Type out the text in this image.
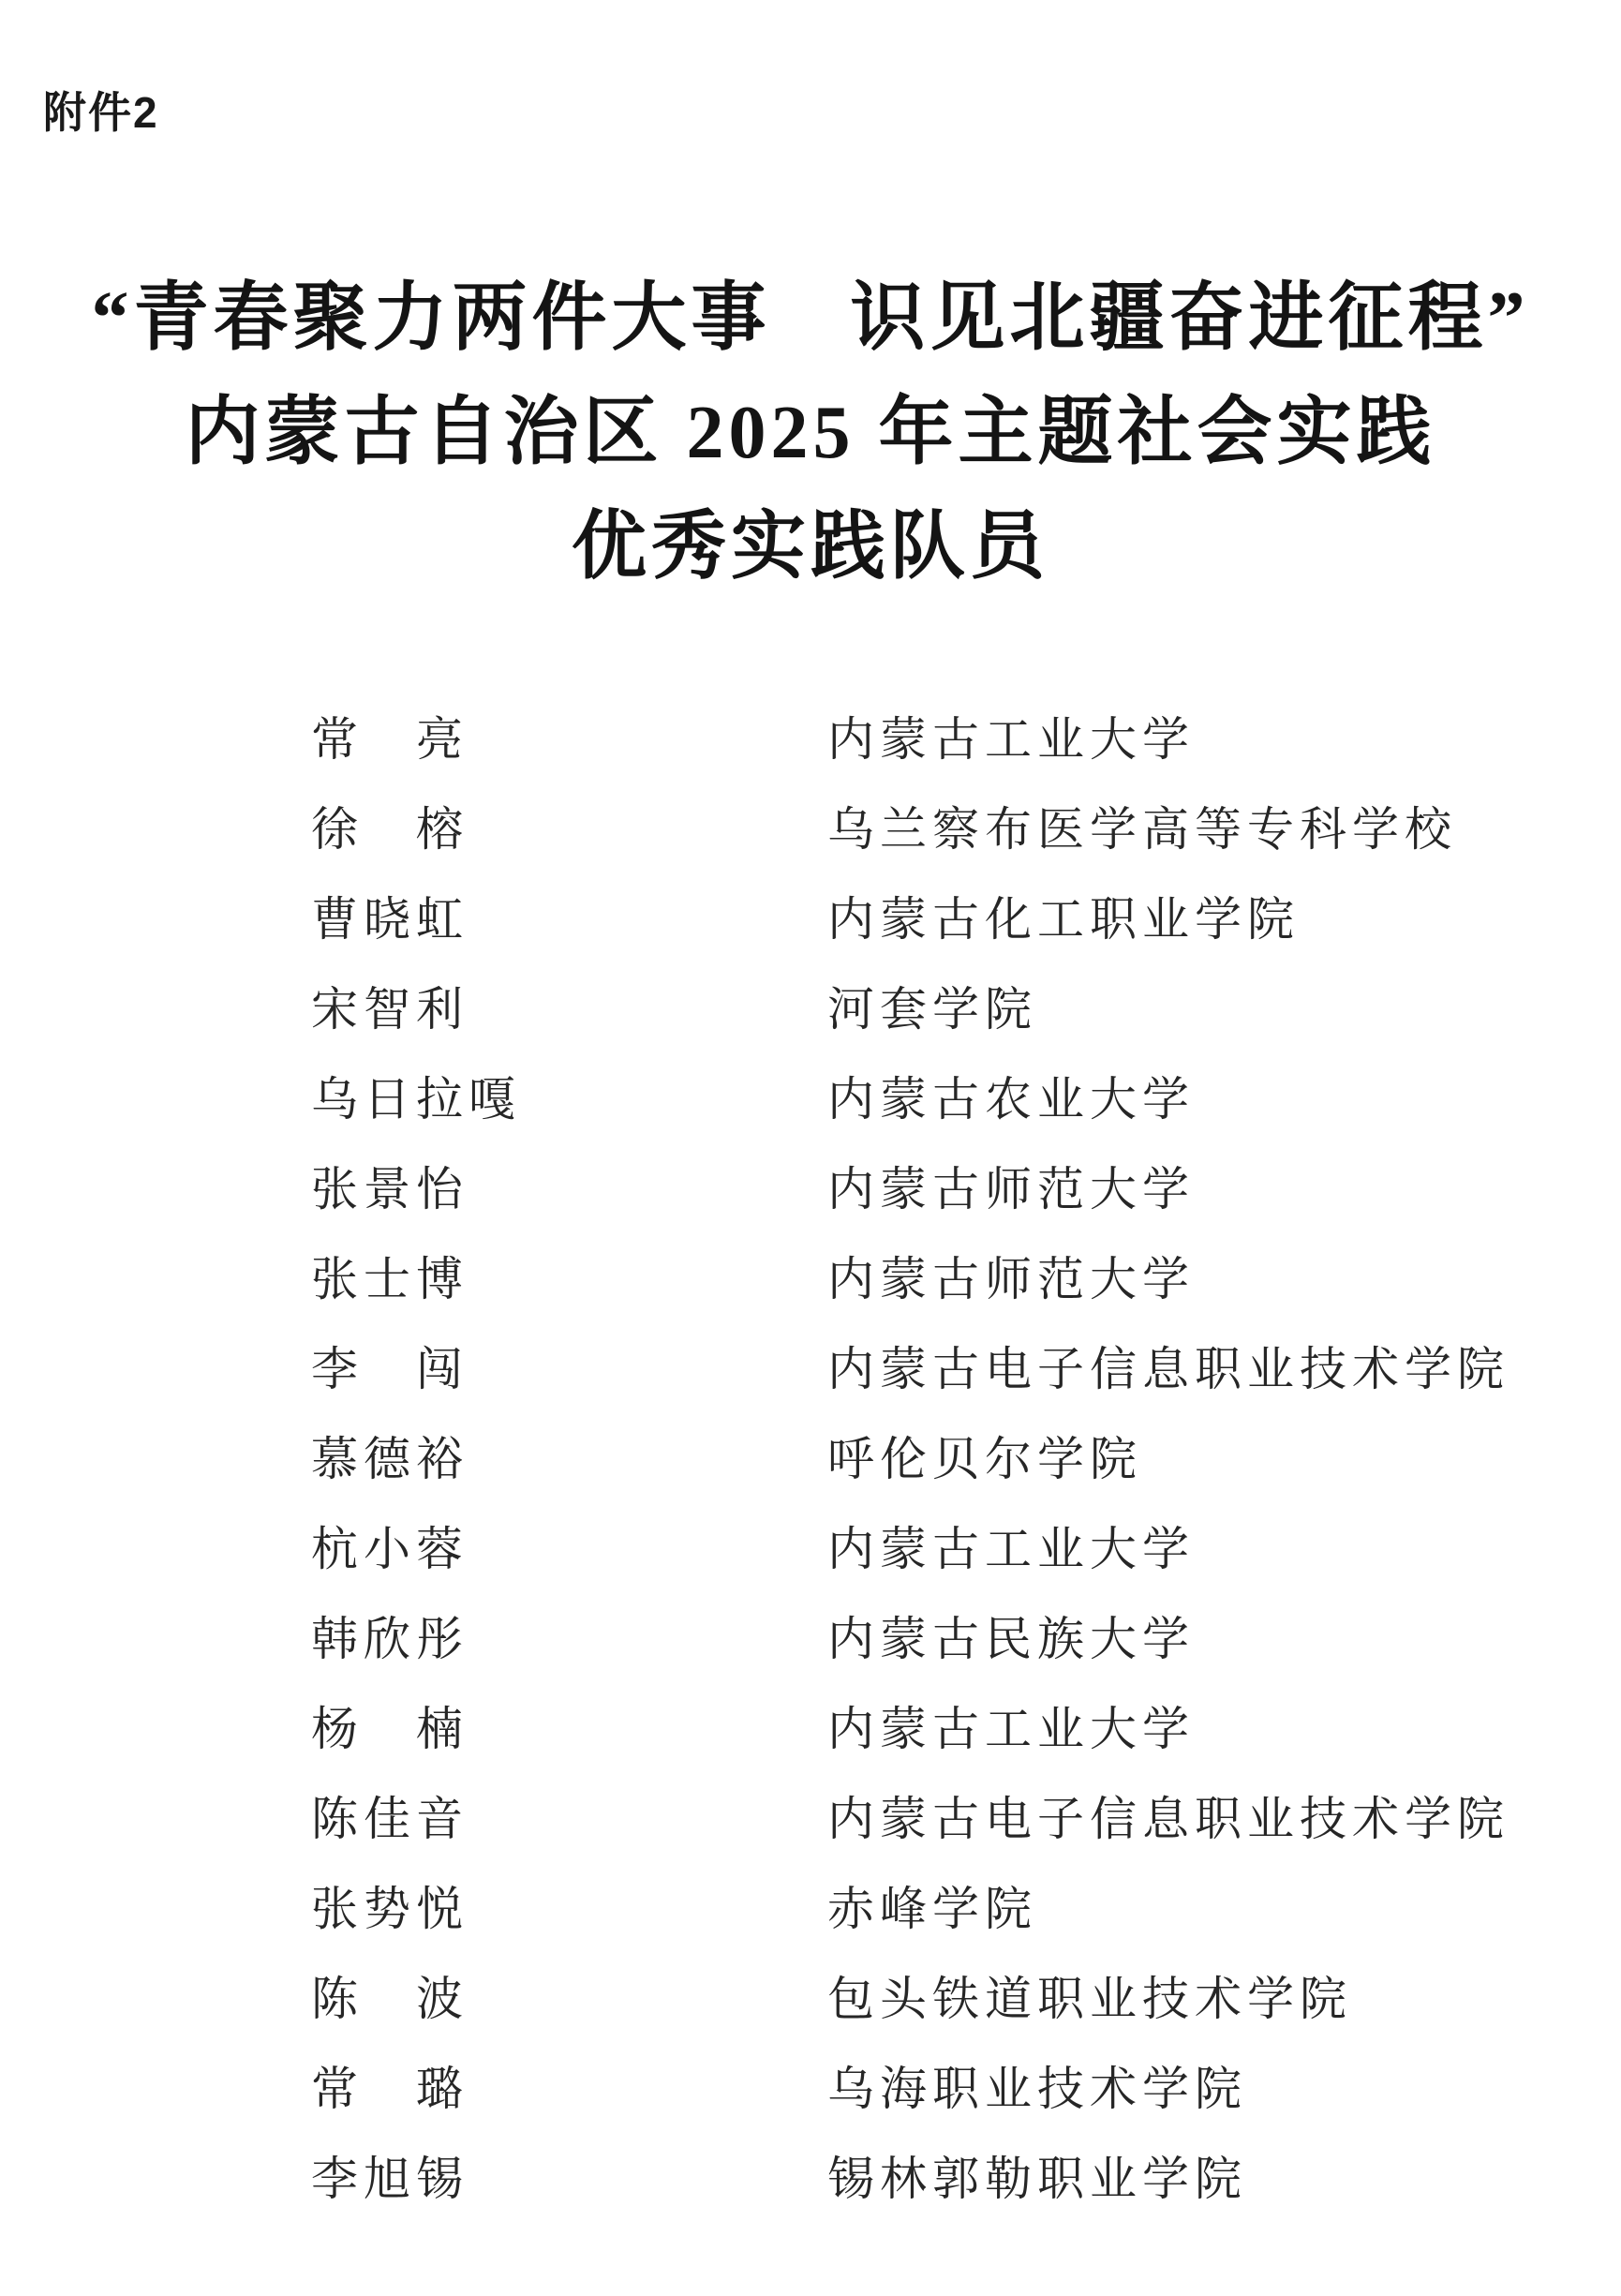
附件2
“青春聚力两件大事　识见北疆奋进征程”
内蒙古自治区 2025 年主题社会实践
优秀实践队员
常　亮	内蒙古工业大学
徐　榕	乌兰察布医学高等专科学校
曹晓虹	内蒙古化工职业学院
宋智利	河套学院
乌日拉嘎	内蒙古农业大学
张景怡	内蒙古师范大学
张士博	内蒙古师范大学
李　闯	内蒙古电子信息职业技术学院
慕德裕	呼伦贝尔学院
杭小蓉	内蒙古工业大学
韩欣彤	内蒙古民族大学
杨　楠	内蒙古工业大学
陈佳音	内蒙古电子信息职业技术学院
张势悦	赤峰学院
陈　波	包头铁道职业技术学院
常　璐	乌海职业技术学院
李旭锡	锡林郭勒职业学院
